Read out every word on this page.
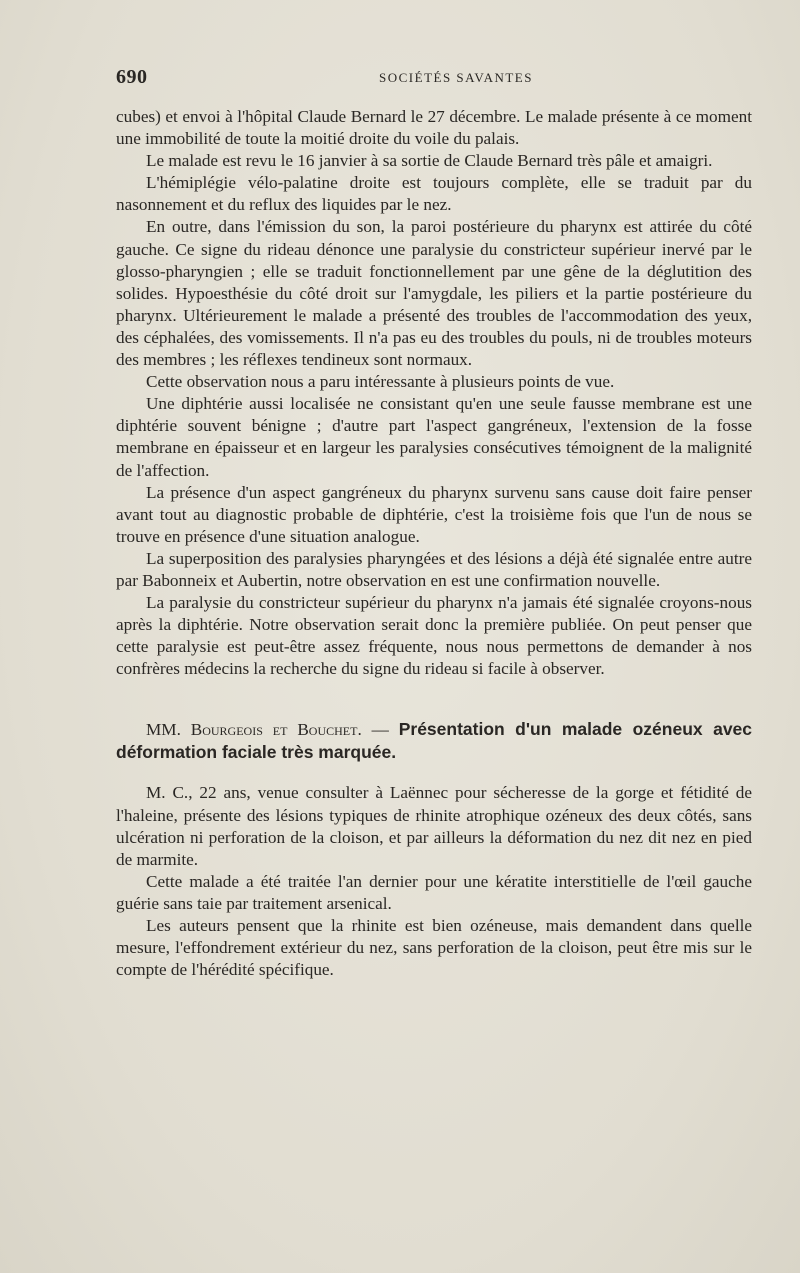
690	SOCIÉTÉS SAVANTES

cubes) et envoi à l'hôpital Claude Bernard le 27 décembre. Le malade présente à ce moment une immobilité de toute la moitié droite du voile du palais.

Le malade est revu le 16 janvier à sa sortie de Claude Bernard très pâle et amaigri.

L'hémiplégie vélo-palatine droite est toujours complète, elle se traduit par du nasonnement et du reflux des liquides par le nez.

En outre, dans l'émission du son, la paroi postérieure du pharynx est attirée du côté gauche. Ce signe du rideau dénonce une paralysie du constricteur supérieur inervé par le glosso-pharyngien ; elle se traduit fonctionnellement par une gêne de la déglutition des solides. Hypoesthésie du côté droit sur l'amygdale, les piliers et la partie postérieure du pharynx. Ultérieurement le malade a présenté des troubles de l'accommodation des yeux, des céphalées, des vomissements. Il n'a pas eu des troubles du pouls, ni de troubles moteurs des membres ; les réflexes tendineux sont normaux.

Cette observation nous a paru intéressante à plusieurs points de vue.

Une diphtérie aussi localisée ne consistant qu'en une seule fausse membrane est une diphtérie souvent bénigne ; d'autre part l'aspect gangréneux, l'extension de la fosse membrane en épaisseur et en largeur les paralysies consécutives témoignent de la malignité de l'affection.

La présence d'un aspect gangréneux du pharynx survenu sans cause doit faire penser avant tout au diagnostic probable de diphtérie, c'est la troisième fois que l'un de nous se trouve en présence d'une situation analogue.

La superposition des paralysies pharyngées et des lésions a déjà été signalée entre autre par Babonneix et Aubertin, notre observation en est une confirmation nouvelle.

La paralysie du constricteur supérieur du pharynx n'a jamais été signalée croyons-nous après la diphtérie. Notre observation serait donc la première publiée. On peut penser que cette paralysie est peut-être assez fréquente, nous nous permettons de demander à nos confrères médecins la recherche du signe du rideau si facile à observer.

MM. Bourgeois et Bouchet. — Présentation d'un malade ozéneux avec déformation faciale très marquée.

M. C., 22 ans, venue consulter à Laënnec pour sécheresse de la gorge et fétidité de l'haleine, présente des lésions typiques de rhinite atrophique ozéneux des deux côtés, sans ulcération ni perforation de la cloison, et par ailleurs la déformation du nez dit nez en pied de marmite.

Cette malade a été traitée l'an dernier pour une kératite interstitielle de l'œil gauche guérie sans taie par traitement arsenical.

Les auteurs pensent que la rhinite est bien ozéneuse, mais demandent dans quelle mesure, l'effondrement extérieur du nez, sans perforation de la cloison, peut être mis sur le compte de l'hérédité spécifique.
